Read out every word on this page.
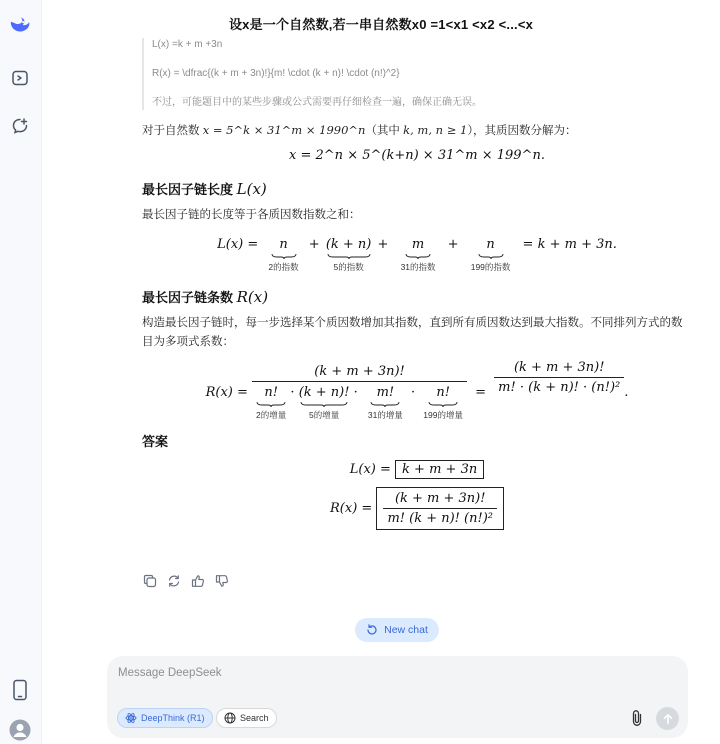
设x是一个自然数,若一串自然数x0 =1<x1 <x2 <...<x

L(x) =k + m +3n

R(x) = \dfrac{(k + m + 3n)!}{m! \cdot (k + n)! \cdot (n!)^2}

不过，可能题目中的某些步骤或公式需要再仔细检查一遍，确保正确无误。

对于自然数 x = 5^k × 31^m × 1990^n（其中 k, m, n ≥ 1），其质因数分解为：
x = 2^n × 5^(k+n) × 31^m × 199^n.
最长因子链长度 L(x)
最长因子链的长度等于各质因数指数之和：
L(x) =	n
2的指数
+ (k + n)
5的指数
+	m
31的指数
+	n
199的指数
= k + m + 3n.
最长因子链条数 R(x)
构造最长因子链时，每一步选择某个质因数增加其指数，直到所有质因数达到最大指数。不同排列方式的数目为多项式系数：
R(x) =
(k + m + 3n)!
n!
2的增量
· (k + n)!
5的增量
·	m!
31的增量
·	n!
199的增量
= $\frac{(k + m + 3n)!}{\text{m! · (k + n)! · (n!)²}}$ .
答案
L(x) = k + m + 3n
$R(x) = \frac{(k + m + 3n)!}{\text{m! (k + n)! (n!)²}}$
New chat
Message DeepSeek
DeepThink (R1)	Search
